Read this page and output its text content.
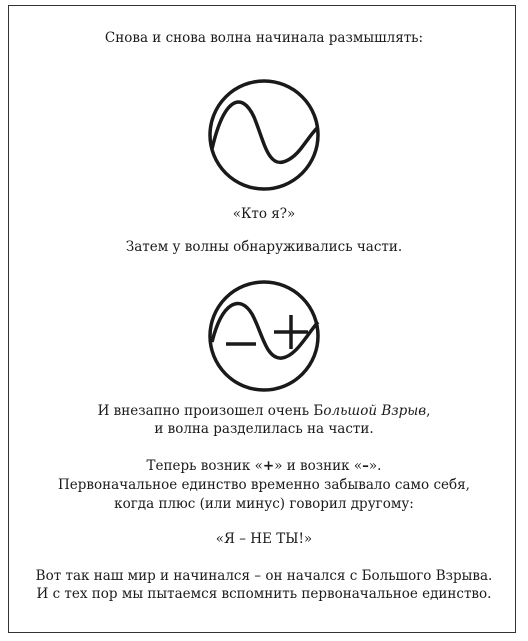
Снова и снова волна начинала размышлять:
«Кто я?»
Затем у волны обнаруживались части.
И внезапно произошел очень Большой Взрыв,
и волна разделилась на части.
Теперь возник «+» и возник «–».
Первоначальное единство временно забывало само себя,
когда плюс (или минус) говорил другому:
«Я – НЕ ТЫ!»
Вот так наш мир и начинался – он начался с Большого Взрыва.
И с тех пор мы пытаемся вспомнить первоначальное единство.
